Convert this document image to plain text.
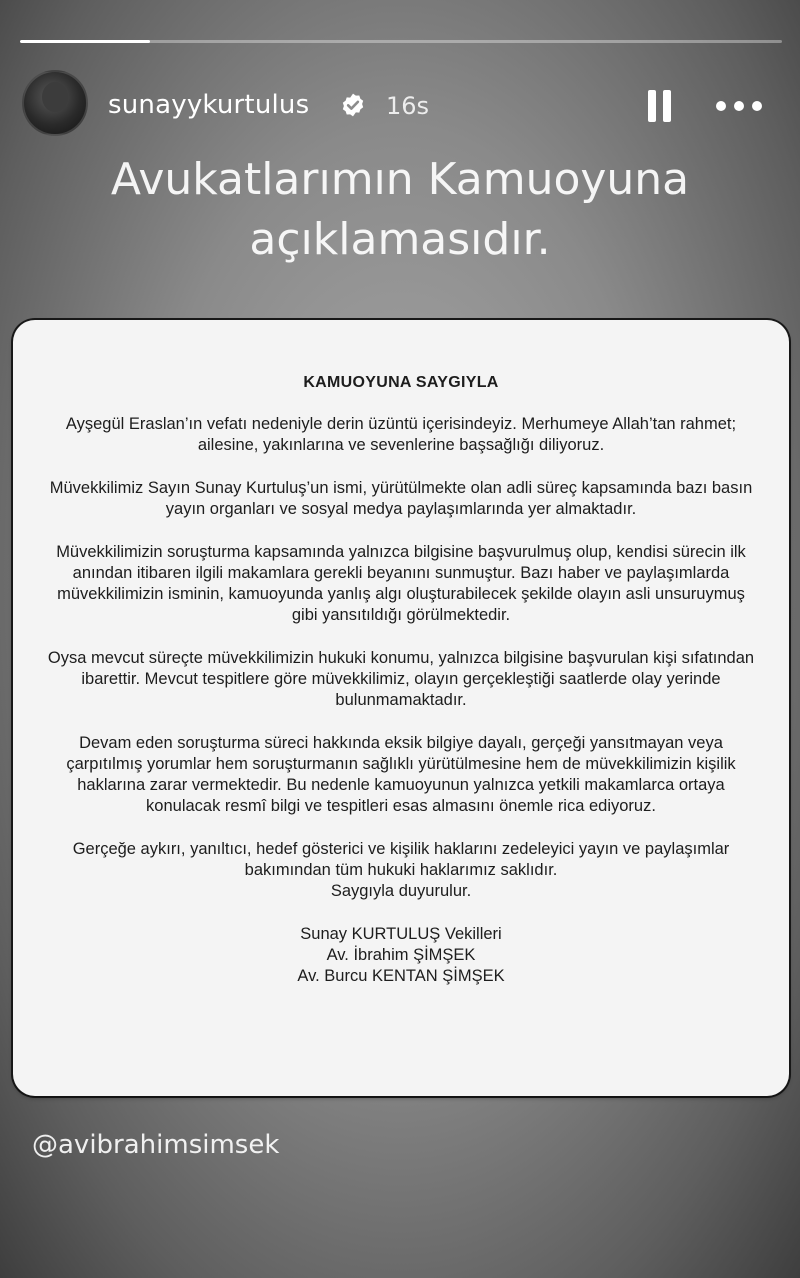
sunayykurtulus	16s
Avukatlarımın Kamuoyuna
açıklamasıdır.
KAMUOYUNA SAYGIYLA

Ayşegül Eraslan’ın vefatı nedeniyle derin üzüntü içerisindeyiz. Merhumeye Allah’tan rahmet; ailesine, yakınlarına ve sevenlerine başsağlığı diliyoruz.

Müvekkilimiz Sayın Sunay Kurtuluş’un ismi, yürütülmekte olan adli süreç kapsamında bazı basın yayın organları ve sosyal medya paylaşımlarında yer almaktadır.

Müvekkilimizin soruşturma kapsamında yalnızca bilgisine başvurulmuş olup, kendisi sürecin ilk anından itibaren ilgili makamlara gerekli beyanını sunmuştur. Bazı haber ve paylaşımlarda müvekkilimizin isminin, kamuoyunda yanlış algı oluşturabilecek şekilde olayın asli unsuruymuş gibi yansıtıldığı görülmektedir.

Oysa mevcut süreçte müvekkilimizin hukuki konumu, yalnızca bilgisine başvurulan kişi sıfatından ibarettir. Mevcut tespitlere göre müvekkilimiz, olayın gerçekleştiği saatlerde olay yerinde bulunmamaktadır.

Devam eden soruşturma süreci hakkında eksik bilgiye dayalı, gerçeği yansıtmayan veya çarpıtılmış yorumlar hem soruşturmanın sağlıklı yürütülmesine hem de müvekkilimizin kişilik haklarına zarar vermektedir. Bu nedenle kamuoyunun yalnızca yetkili makamlarca ortaya konulacak resmî bilgi ve tespitleri esas almasını önemle rica ediyoruz.

Gerçeğe aykırı, yanıltıcı, hedef gösterici ve kişilik haklarını zedeleyici yayın ve paylaşımlar bakımından tüm hukuki haklarımız saklıdır.

Saygıyla duyurulur.

Sunay KURTULUŞ Vekilleri
Av. İbrahim ŞİMŞEK
Av. Burcu KENTAN ŞİMŞEK
@avibrahimsimsek
